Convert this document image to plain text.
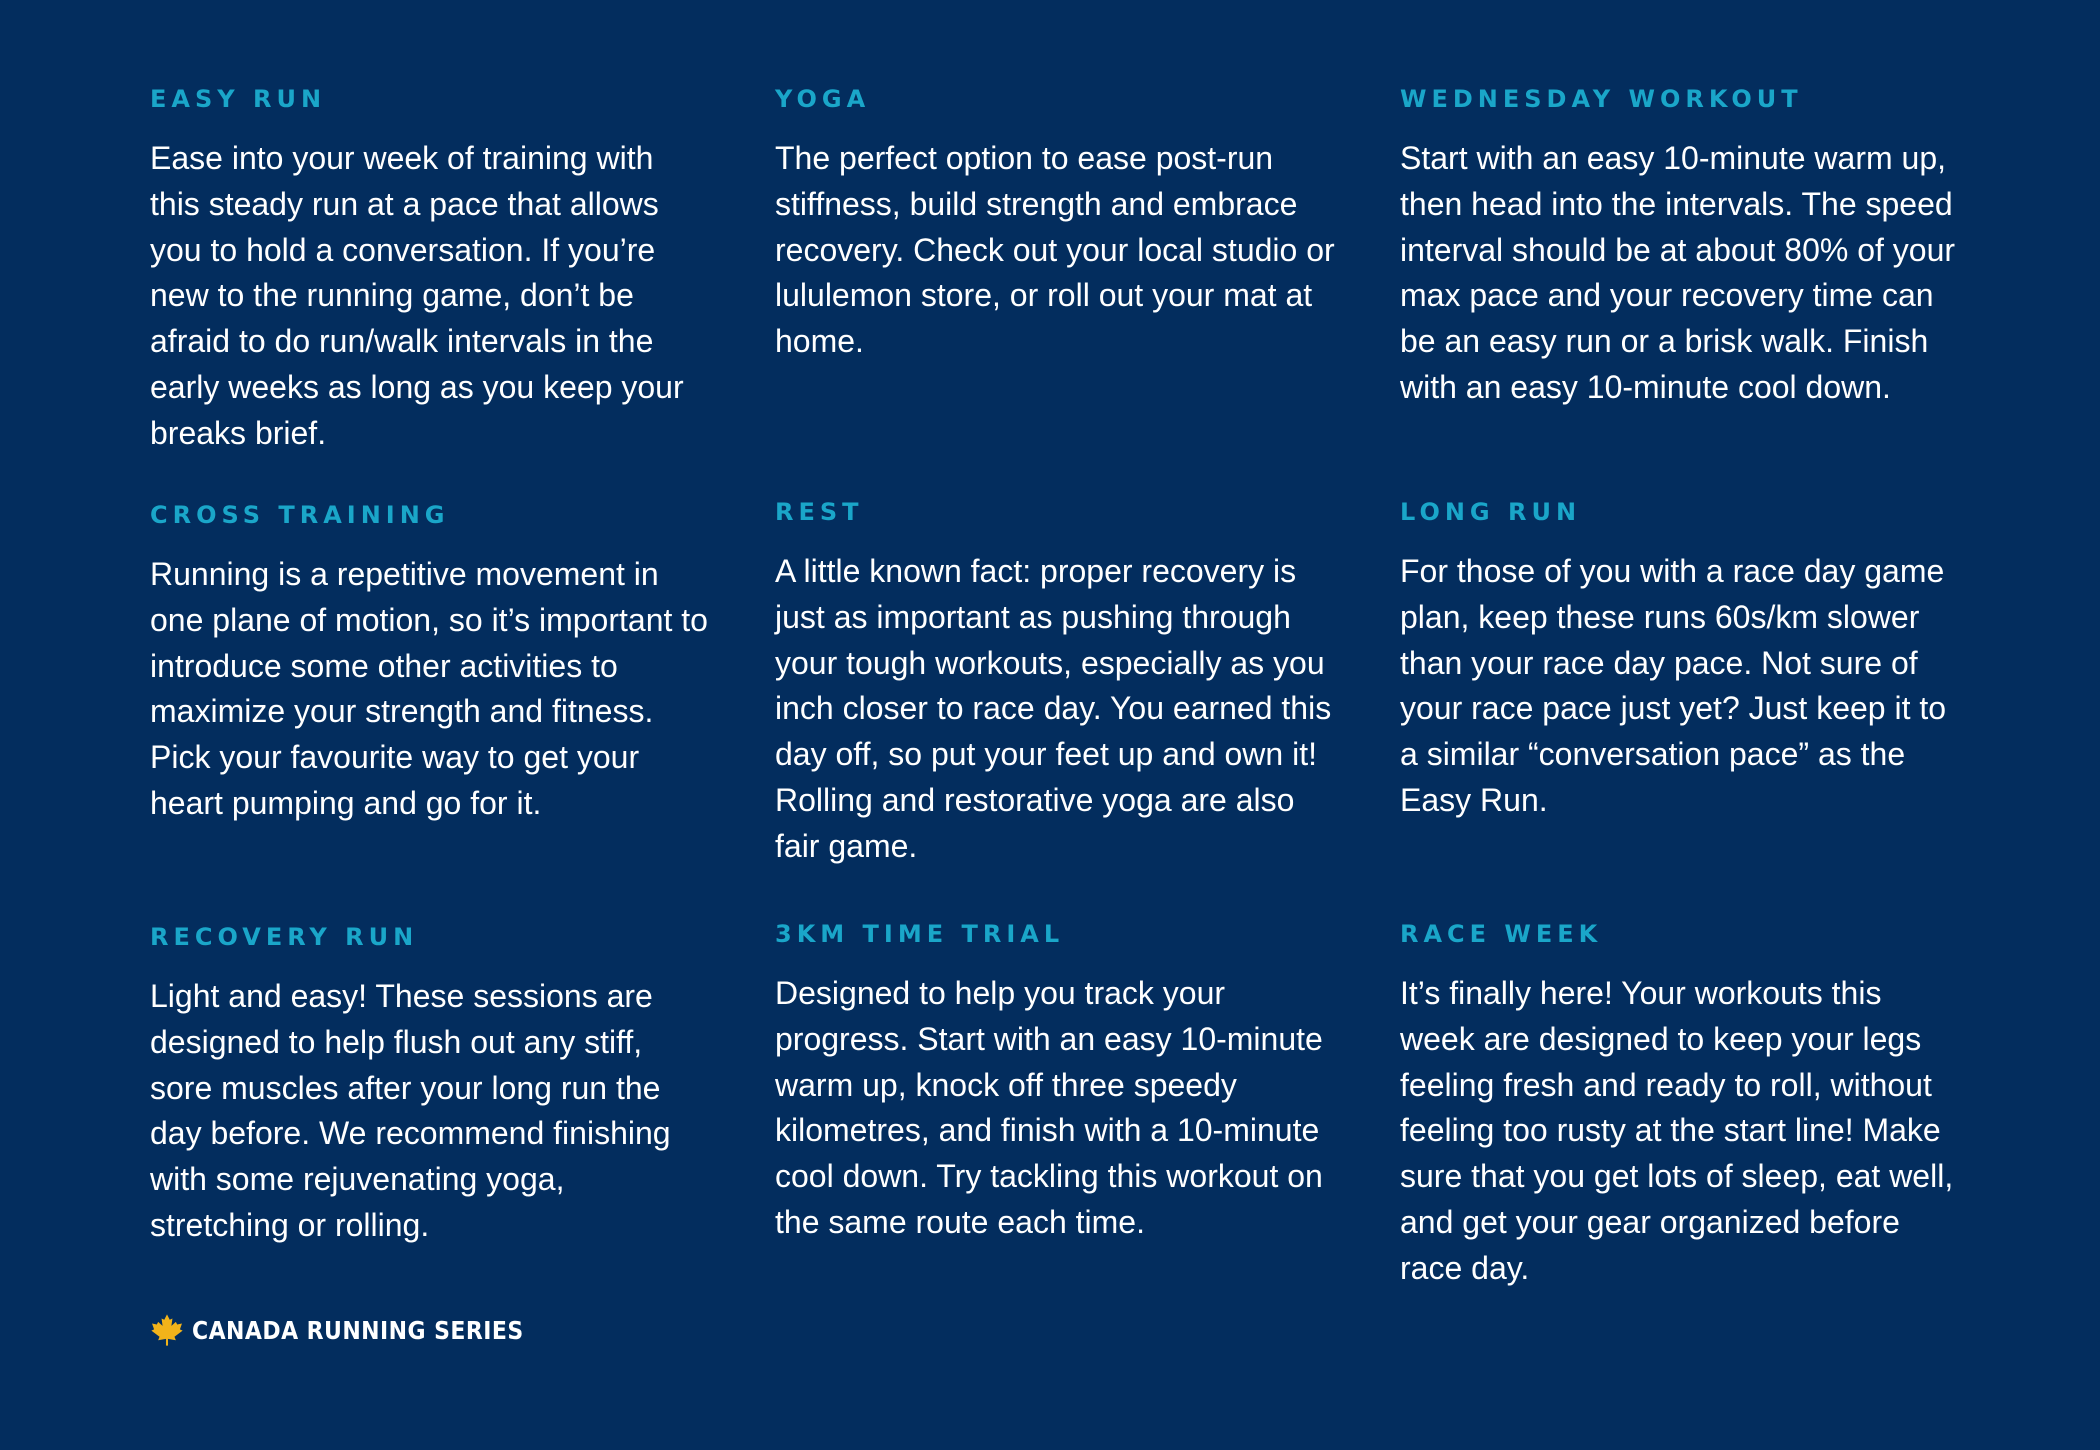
EASY RUN

Ease into your week of training with this steady run at a pace that allows you to hold a conversation. If you’re new to the running game, don’t be afraid to do run/walk intervals in the early weeks as long as you keep your breaks brief.

YOGA

The perfect option to ease post-run stiffness, build strength and embrace recovery. Check out your local studio or lululemon store, or roll out your mat at home.

WEDNESDAY WORKOUT

Start with an easy 10-minute warm up, then head into the intervals. The speed interval should be at about 80% of your max pace and your recovery time can be an easy run or a brisk walk. Finish with an easy 10-minute cool down.

CROSS TRAINING

Running is a repetitive movement in one plane of motion, so it’s important to introduce some other activities to maximize your strength and fitness. Pick your favourite way to get your heart pumping and go for it.

REST

A little known fact: proper recovery is just as important as pushing through your tough workouts, especially as you inch closer to race day. You earned this day off, so put your feet up and own it! Rolling and restorative yoga are also fair game.

LONG RUN

For those of you with a race day game plan, keep these runs 60s/km slower than your race day pace. Not sure of your race pace just yet? Just keep it to a similar “conversation pace” as the Easy Run.

RECOVERY RUN

Light and easy! These sessions are designed to help flush out any stiff, sore muscles after your long run the day before. We recommend finishing with some rejuvenating yoga, stretching or rolling.

3KM TIME TRIAL

Designed to help you track your progress. Start with an easy 10-minute warm up, knock off three speedy kilometres, and finish with a 10-minute cool down. Try tackling this workout on the same route each time.

RACE WEEK

It’s finally here! Your workouts this week are designed to keep your legs feeling fresh and ready to roll, without feeling too rusty at the start line! Make sure that you get lots of sleep, eat well, and get your gear organized before race day.

CANADA RUNNING SERIES
